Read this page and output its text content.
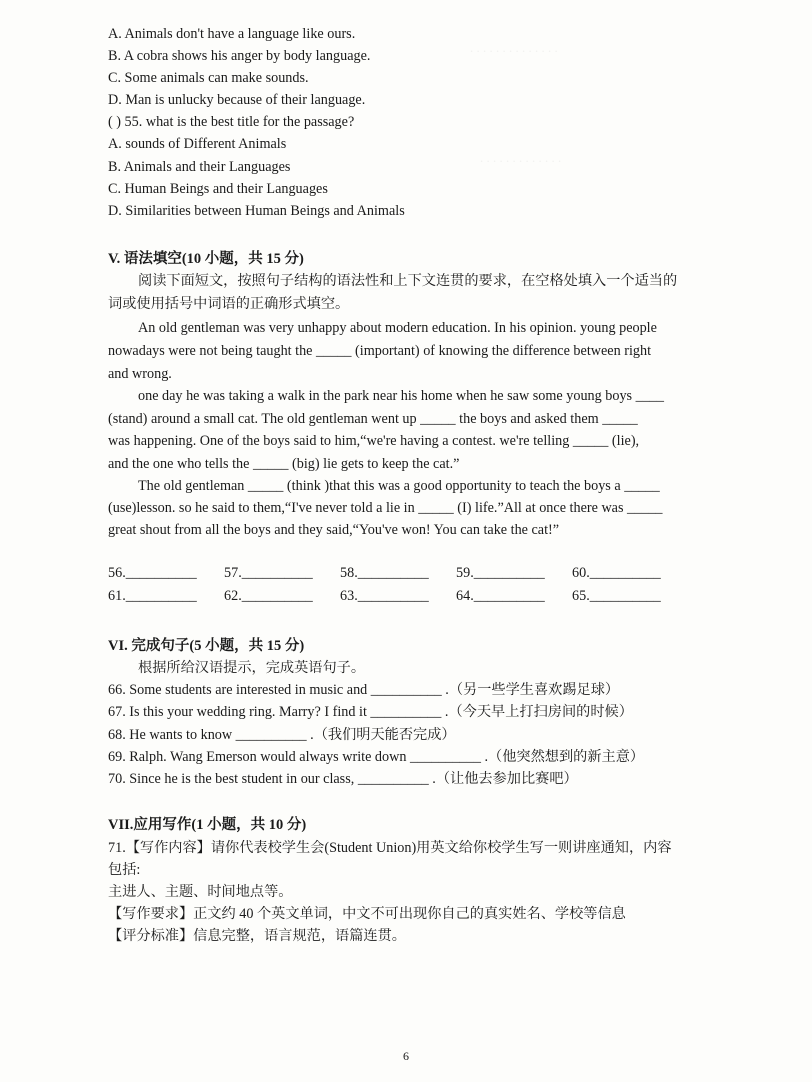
. . . . . . . . . . . . . .
. . . . . . . . . . . . .
A. Animals don't have a language like ours.
B. A cobra shows his anger by body language.
C. Some animals can make sounds.
D. Man is unlucky because of their language.
( ) 55. what is the best title for the passage?
A. sounds of Different Animals
B. Animals and their Languages
C. Human Beings and their Languages
D. Similarities between Human Beings and Animals
V. 语法填空(10 小题，共 15 分)
阅读下面短文，按照句子结构的语法性和上下文连贯的要求，在空格处填入一个适当的
词或使用括号中词语的正确形式填空。
An old gentleman was very unhappy about modern education. In his opinion. young people
nowadays were not being taught the _____ (important) of knowing the difference between right
and wrong.
one day he was taking a walk in the park near his home when he saw some young boys ____
(stand) around a small cat. The old gentleman went up _____ the boys and asked them _____
was happening. One of the boys said to him,“we're having a contest. we're telling _____ (lie),
and the one who tells the _____ (big) lie gets to keep the cat.”
The old gentleman _____ (think )that this was a good opportunity to teach the boys a _____
(use)lesson. so he said to them,“I've never told a lie in _____ (I) life.”All at once there was _____
great shout from all the boys and they said,“You've won! You can take the cat!”
56.__________	57.__________	58.__________	59.__________	60.__________
61.__________	62.__________	63.__________	64.__________	65.__________
VI. 完成句子(5 小题，共 15 分)
根据所给汉语提示，完成英语句子。
66. Some students are interested in music and __________ .（另一些学生喜欢踢足球）
67. Is this your wedding ring. Marry? I find it __________ .（今天早上打扫房间的时候）
68. He wants to know __________ .（我们明天能否完成）
69. Ralph. Wang Emerson would always write down __________ .（他突然想到的新主意）
70. Since he is the best student in our class, __________ .（让他去参加比赛吧）
VII.应用写作(1 小题，共 10 分)
71.【写作内容】请你代表校学生会(Student Union)用英文给你校学生写一则讲座通知，内容
包括:
主进人、主题、时间地点等。
【写作要求】正文约 40 个英文单词，中文不可出现你自己的真实姓名、学校等信息
【评分标准】信息完整，语言规范，语篇连贯。
6
